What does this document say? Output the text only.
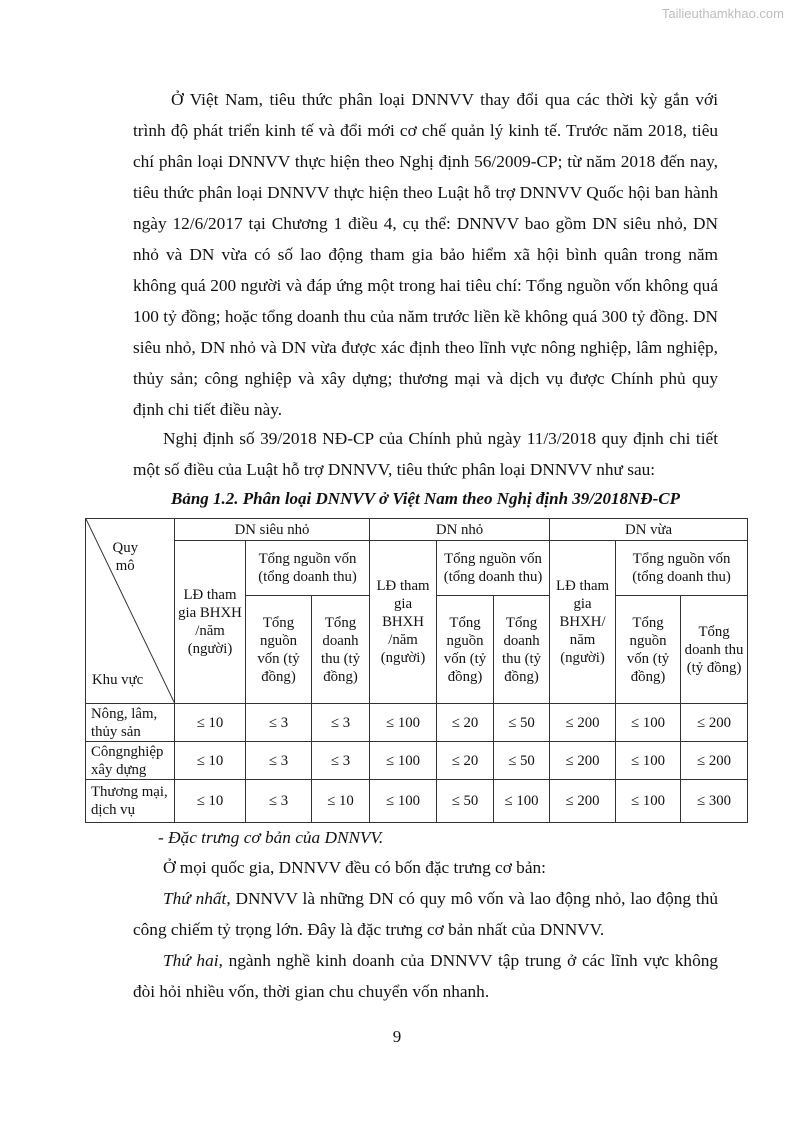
Tailieuthamkhao.com

Ở Việt Nam, tiêu thức phân loại DNNVV thay đổi qua các thời kỳ gắn với trình độ phát triển kinh tế và đổi mới cơ chế quản lý kinh tế. Trước năm 2018, tiêu chí phân loại DNNVV thực hiện theo Nghị định 56/2009-CP; từ năm 2018 đến nay, tiêu thức phân loại DNNVV thực hiện theo Luật hỗ trợ DNNVV Quốc hội ban hành ngày 12/6/2017 tại Chương 1 điều 4, cụ thể: DNNVV bao gồm DN siêu nhỏ, DN nhỏ và DN vừa có số lao động tham gia bảo hiểm xã hội bình quân trong năm không quá 200 người và đáp ứng một trong hai tiêu chí: Tổng nguồn vốn không quá 100 tỷ đồng; hoặc tổng doanh thu của năm trước liền kề không quá 300 tỷ đồng. DN siêu nhỏ, DN nhỏ và DN vừa được xác định theo lĩnh vực nông nghiệp, lâm nghiệp, thủy sản; công nghiệp và xây dựng; thương mại và dịch vụ được Chính phủ quy định chi tiết điều này.

Nghị định số 39/2018 NĐ-CP của Chính phủ ngày 11/3/2018 quy định chi tiết một số điều của Luật hỗ trợ DNNVV, tiêu thức phân loại DNNVV như sau:

Bảng 1.2. Phân loại DNNVV ở Việt Nam theo Nghị định 39/2018NĐ-CP
Quy
mô
Khu vực	DN siêu nhỏ			DN nhỏ			DN vừa		
	LĐ tham gia BHXH /năm (người)	Tổng nguồn vốn (tổng doanh thu)		LĐ tham gia BHXH /năm (người)	Tổng nguồn vốn (tổng doanh thu)		LĐ tham gia BHXH/ năm (người)	Tổng nguồn vốn (tổng doanh thu)	
		Tổng nguồn vốn (tỷ đồng)	Tổng doanh thu (tỷ đồng)		Tổng nguồn vốn (tỷ đồng)	Tổng doanh thu (tỷ đồng)		Tổng nguồn vốn (tỷ đồng)	Tổng doanh thu (tỷ đồng)
Nông, lâm, thủy sản	≤ 10	≤ 3	≤ 3	≤ 100	≤ 20	≤ 50	≤ 200	≤ 100	≤ 200
Côngnghiệp xây dựng	≤ 10	≤ 3	≤ 3	≤ 100	≤ 20	≤ 50	≤ 200	≤ 100	≤ 200
Thương mại, dịch vụ	≤ 10	≤ 3	≤ 10	≤ 100	≤ 50	≤ 100	≤ 200	≤ 100	≤ 300

- Đặc trưng cơ bản của DNNVV.

Ở mọi quốc gia, DNNVV đều có bốn đặc trưng cơ bản:

Thứ nhất, DNNVV là những DN có quy mô vốn và lao động nhỏ, lao động thủ công chiếm tỷ trọng lớn. Đây là đặc trưng cơ bản nhất của DNNVV.

Thứ hai, ngành nghề kinh doanh của DNNVV tập trung ở các lĩnh vực không đòi hỏi nhiều vốn, thời gian chu chuyển vốn nhanh.

9
